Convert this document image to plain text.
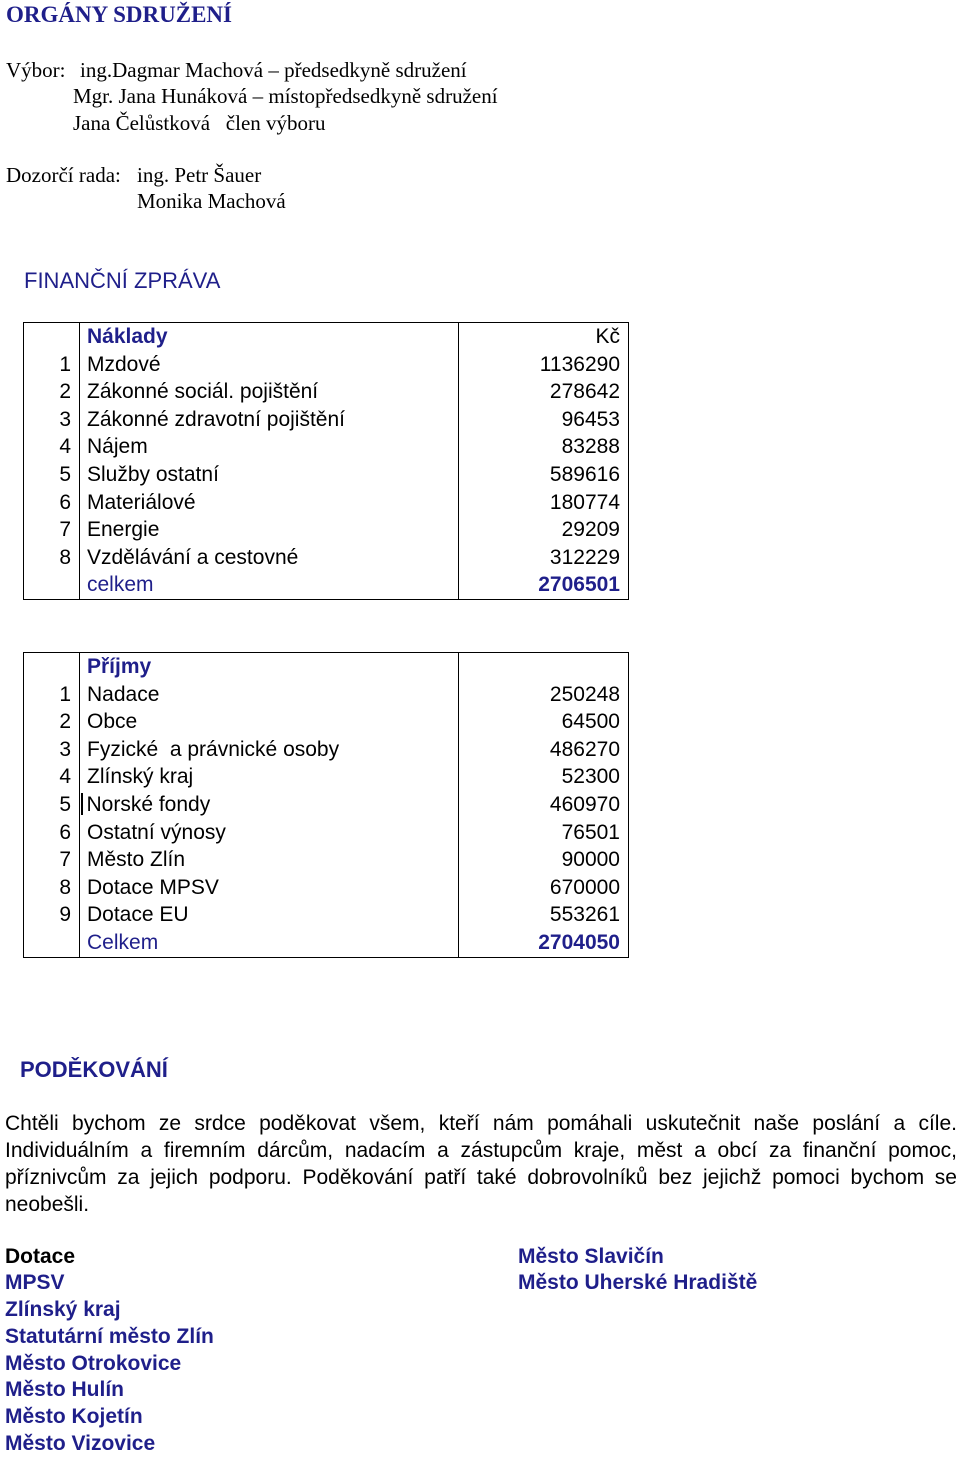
ORGÁNY SDRUŽENÍ
Výbor: ing.Dagmar Machová – předsedkyně sdružení
Mgr. Jana Hunáková – místopředsedkyně sdružení
Jana Čelůstková   člen výboru
Dozorčí rada: ing. Petr Šauer
Monika Machová
FINANČNÍ ZPRÁVA
	Náklady	Kč
1	Mzdové	1136290
2	Zákonné sociál. pojištění	278642
3	Zákonné zdravotní pojištění	96453
4	Nájem	83288
5	Služby ostatní	589616
6	Materiálové	180774
7	Energie	29209
8	Vzdělávání a cestovné	312229
	celkem	2706501
	Příjmy	
1	Nadace	250248
2	Obce	64500
3	Fyzické  a právnické osoby	486270
4	Zlínský kraj	52300
5	Norské fondy	460970
6	Ostatní výnosy	76501
7	Město Zlín	90000
8	Dotace MPSV	670000
9	Dotace EU	553261
	Celkem	2704050
PODĚKOVÁNÍ

Chtěli bychom ze srdce poděkovat všem, kteří nám pomáhali uskutečnit naše poslání a cíle. Individuálním a firemním dárcům, nadacím a zástupcům kraje, měst a obcí za finanční pomoc, příznivcům za jejich podporu. Poděkování patří také dobrovolníků bez jejichž pomoci bychom se neobešli.

Dotace
MPSV
Zlínský kraj
Statutární město Zlín
Město Otrokovice
Město Hulín
Město Kojetín
Město Vizovice
Město Slavičín
Město Uherské Hradiště
